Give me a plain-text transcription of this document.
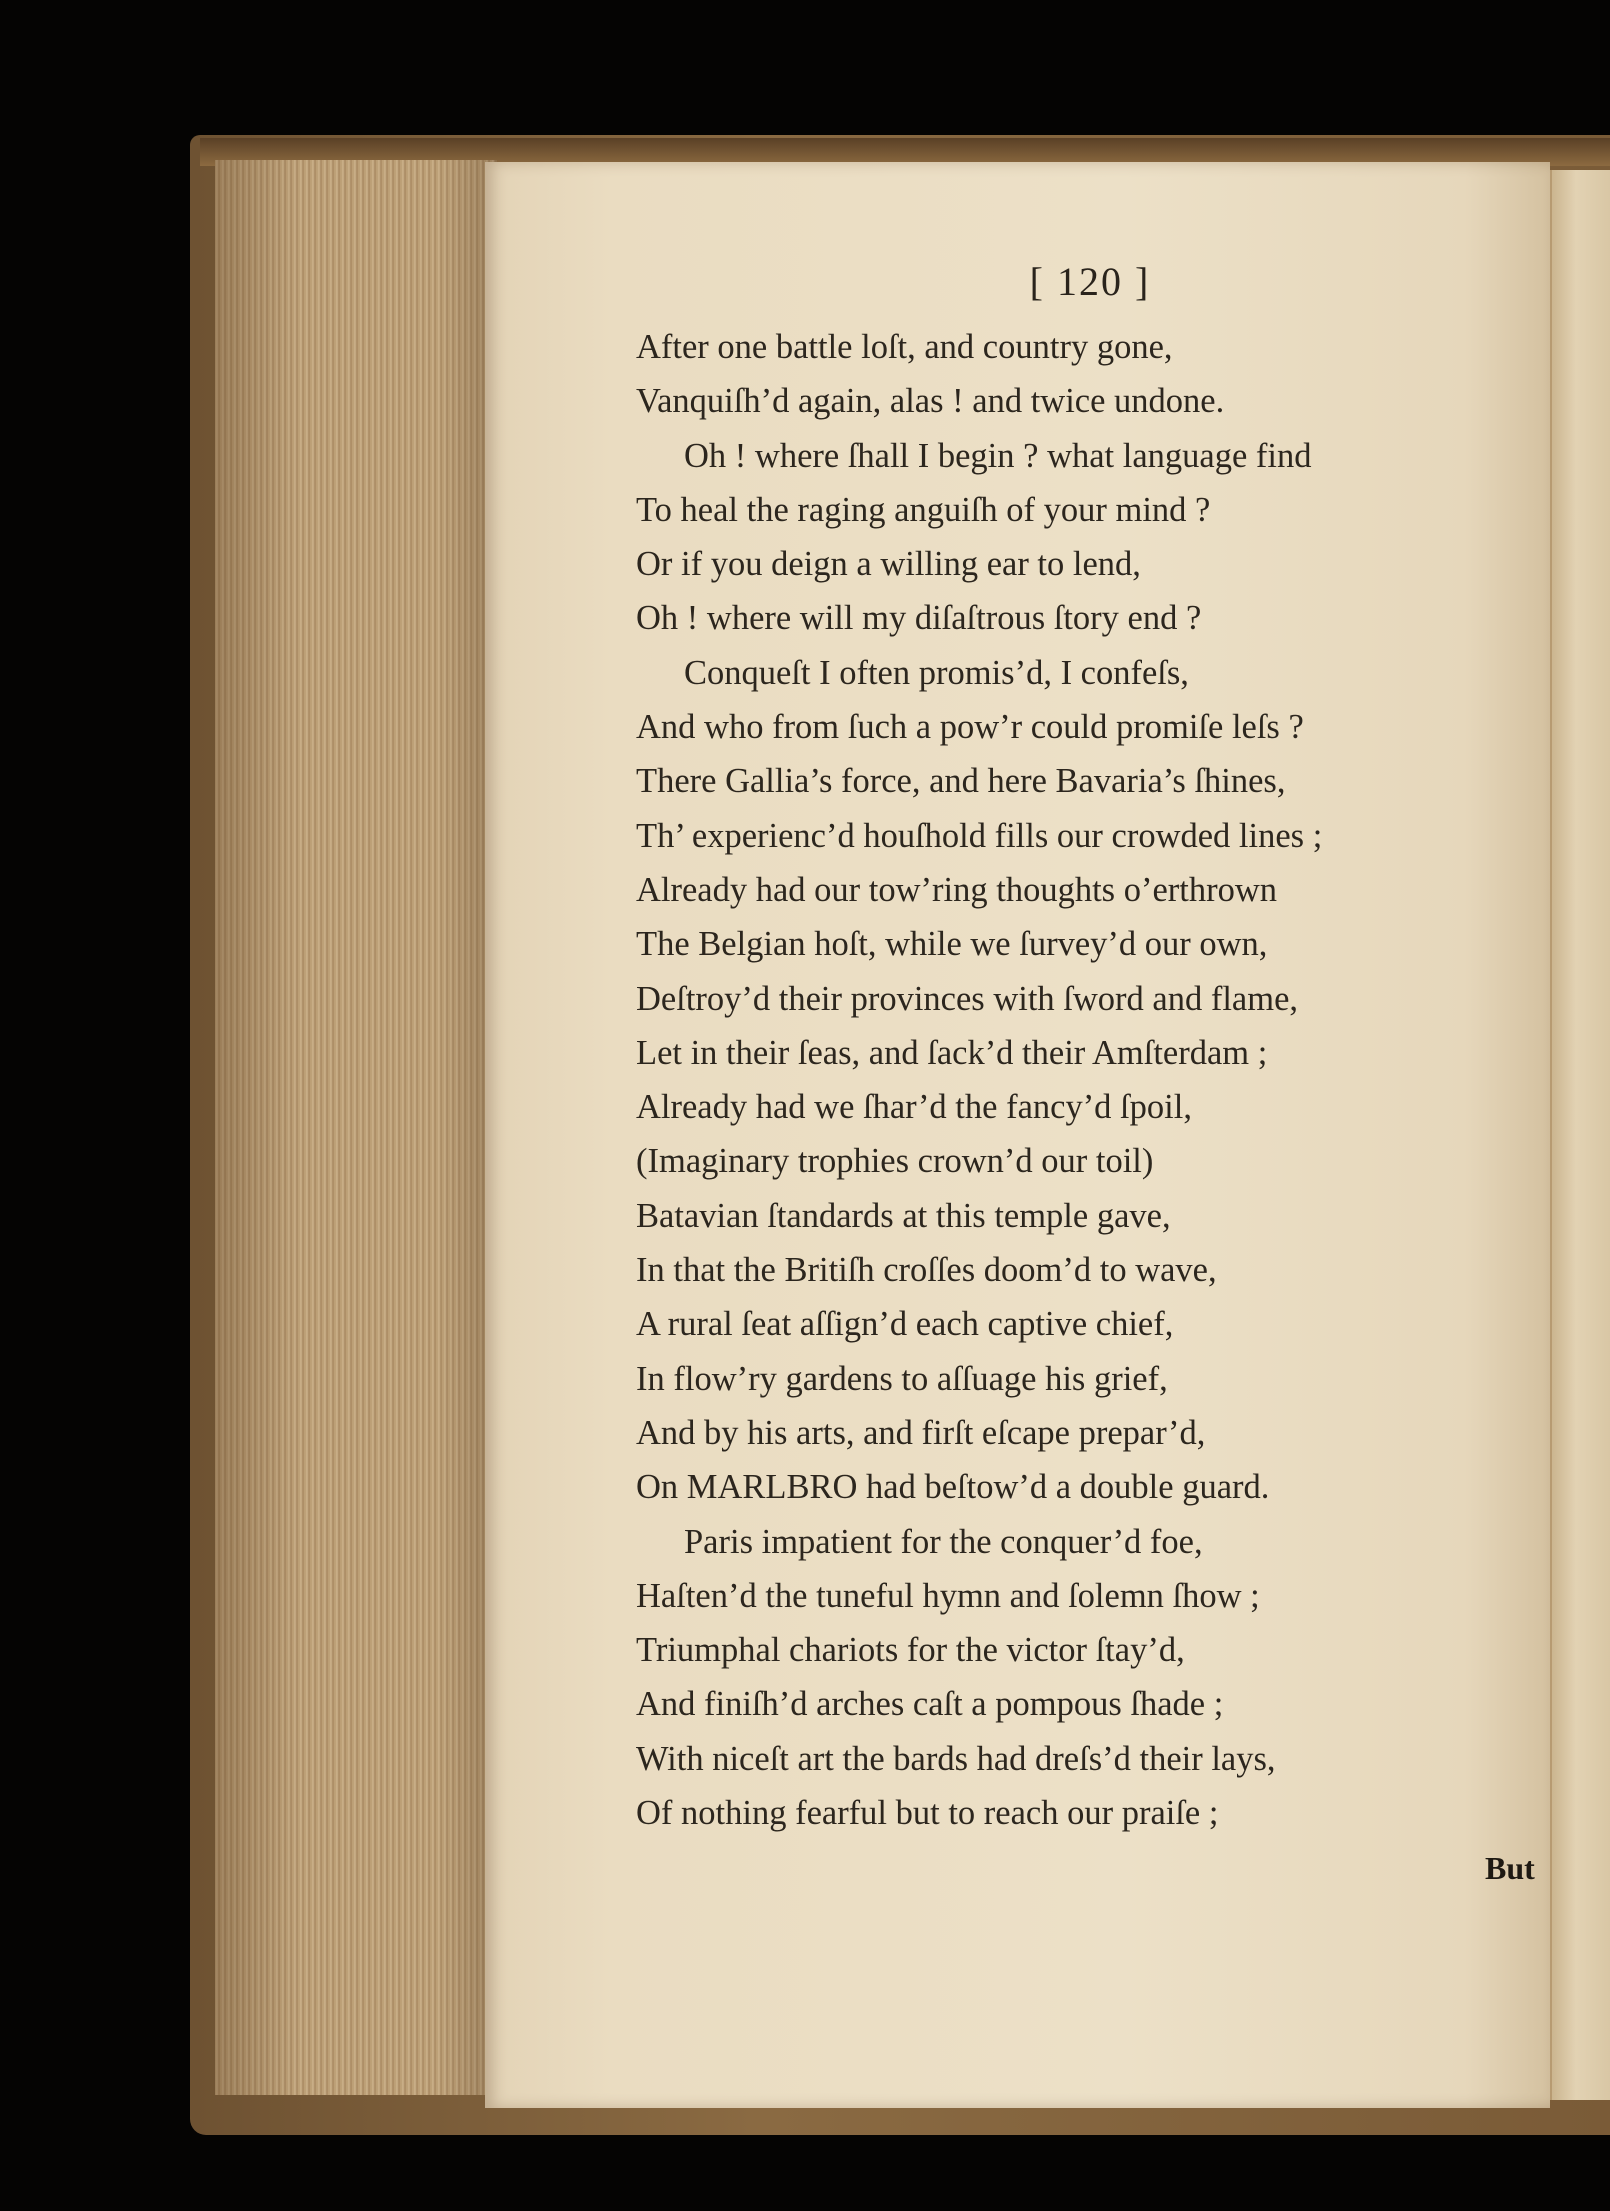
[ 120 ]
After one battle loſt, and country gone,
Vanquiſh’d again, alas ! and twice undone.
Oh ! where ſhall I begin ? what language find
To heal the raging anguiſh of your mind ?
Or if you deign a willing ear to lend,
Oh ! where will my diſaſtrous ſtory end ?
Conqueſt I often promis’d, I confeſs,
And who from ſuch a pow’r could promiſe leſs ?
There Gallia’s force, and here Bavaria’s ſhines,
Th’ experienc’d houſhold fills our crowded lines ;
Already had our tow’ring thoughts o’erthrown
The Belgian hoſt, while we ſurvey’d our own,
Deſtroy’d their provinces with ſword and flame,
Let in their ſeas, and ſack’d their Amſterdam ;
Already had we ſhar’d the fancy’d ſpoil,
(Imaginary trophies crown’d our toil)
Batavian ſtandards at this temple gave,
In that the Britiſh croſſes doom’d to wave,
A rural ſeat aſſign’d each captive chief,
In flow’ry gardens to aſſuage his grief,
And by his arts, and firſt eſcape prepar’d,
On MARLBRO had beſtow’d a double guard.
Paris impatient for the conquer’d foe,
Haſten’d the tuneful hymn and ſolemn ſhow ;
Triumphal chariots for the victor ſtay’d,
And finiſh’d arches caſt a pompous ſhade ;
With niceſt art the bards had dreſs’d their lays,
Of nothing fearful but to reach our praiſe ;
But
